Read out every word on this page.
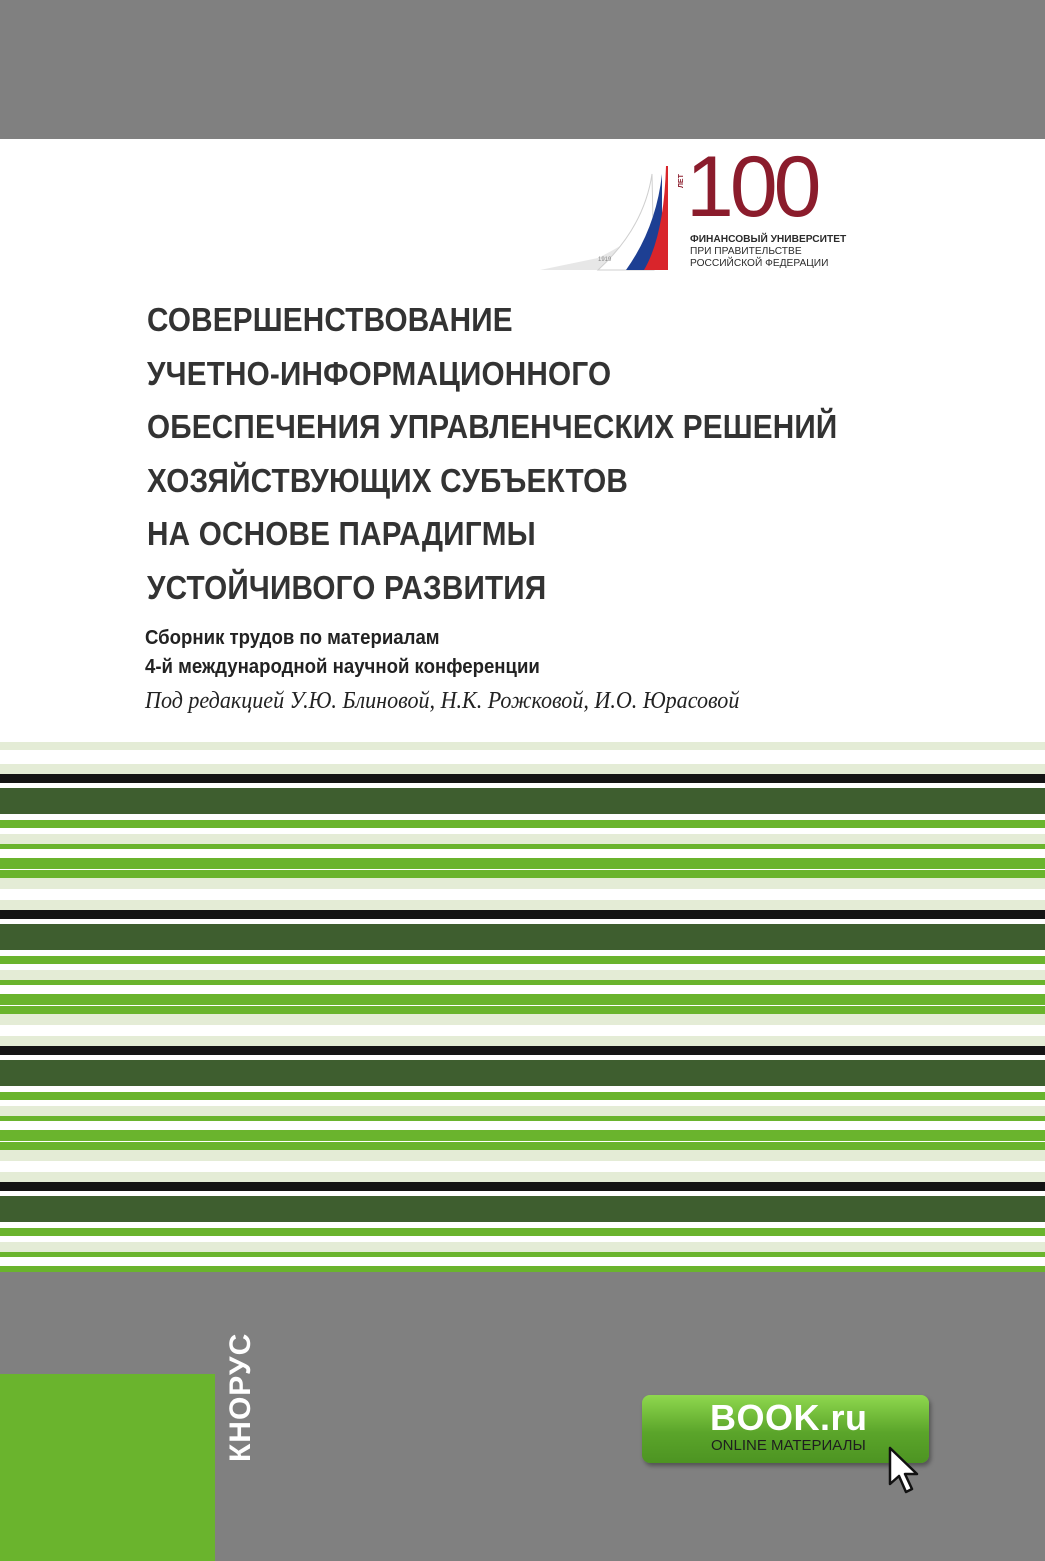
1919
100
ЛЕТ
ФИНАНСОВЫЙ УНИВЕРСИТЕТ
ПРИ ПРАВИТЕЛЬСТВЕ
РОССИЙСКОЙ ФЕДЕРАЦИИ
СОВЕРШЕНСТВОВАНИЕ
УЧЕТНО-ИНФОРМАЦИОННОГО
ОБЕСПЕЧЕНИЯ УПРАВЛЕНЧЕСКИХ РЕШЕНИЙ
ХОЗЯЙСТВУЮЩИХ СУБЪЕКТОВ
НА ОСНОВЕ ПАРАДИГМЫ
УСТОЙЧИВОГО РАЗВИТИЯ
Сборник трудов по материалам
4-й международной научной конференции
Под редакцией У.Ю. Блиновой, Н.К. Рожковой, И.О. Юрасовой
КНОРУС	BOOK.ru
ONLINE МАТЕРИАЛЫ
